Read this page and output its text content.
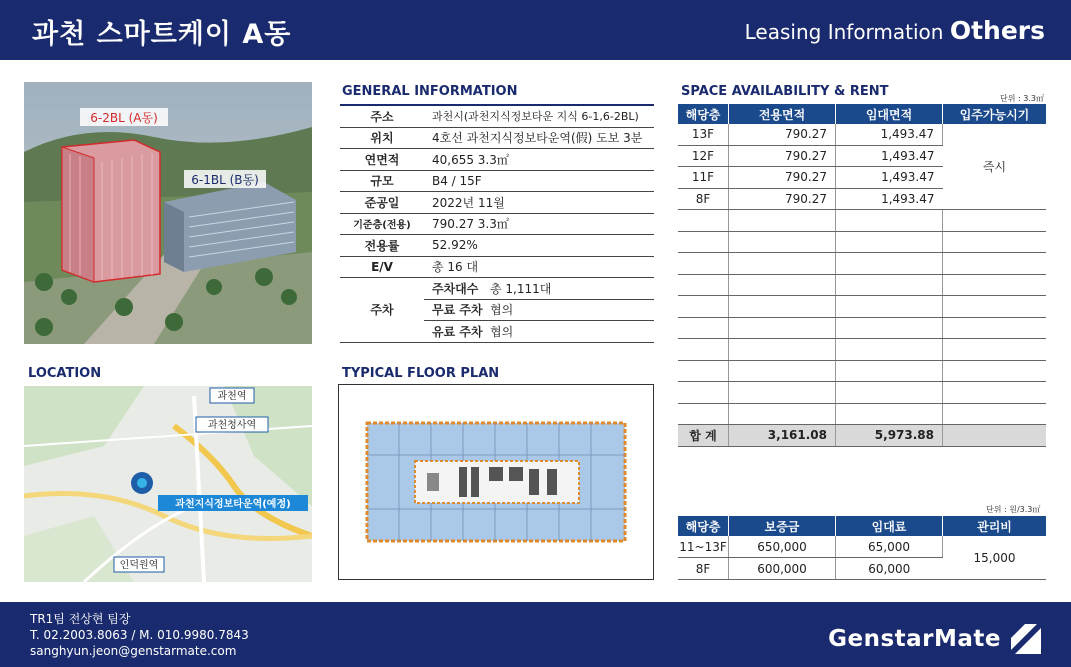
과천 스마트케이 A동	Leasing Information Others
6-2BL (A동)
6-1BL (B동)
LOCATION
과천역
과천청사역
과천지식정보타운역(예정)
인덕원역
GENERAL INFORMATION
주소	과천시(과천지식정보타운 지식 6-1,6-2BL)	
위치	4호선 과천지식정보타운역(假) 도보 3분	
연면적	40,655 3.3㎡	
규모	B4 / 15F	
준공일	2022년 11월	
기준층(전용)	790.27 3.3㎡	
전용률	52.92%	
E/V	총 16 대	
주차	주차대수	총 1,111대
	무료 주차	협의
	유료 주차	협의
TYPICAL FLOOR PLAN
SPACE AVAILABILITY & RENT	단위 : 3.3㎡
해당층	전용면적	임대면적	입주가능시기
13F	790.27	1,493.47	즉시
12F	790.27	1,493.47	
11F	790.27	1,493.47	
8F	790.27	1,493.47	

합 계	3,161.08	5,973.88	
단위 : 원/3.3㎡
해당층	보증금	임대료	관리비
11~13F	650,000	65,000	15,000
8F	600,000	60,000	
TR1팀 전상현 팀장
T. 02.2003.8063 / M. 010.9980.7843
sanghyun.jeon@genstarmate.com	GenstarMate
